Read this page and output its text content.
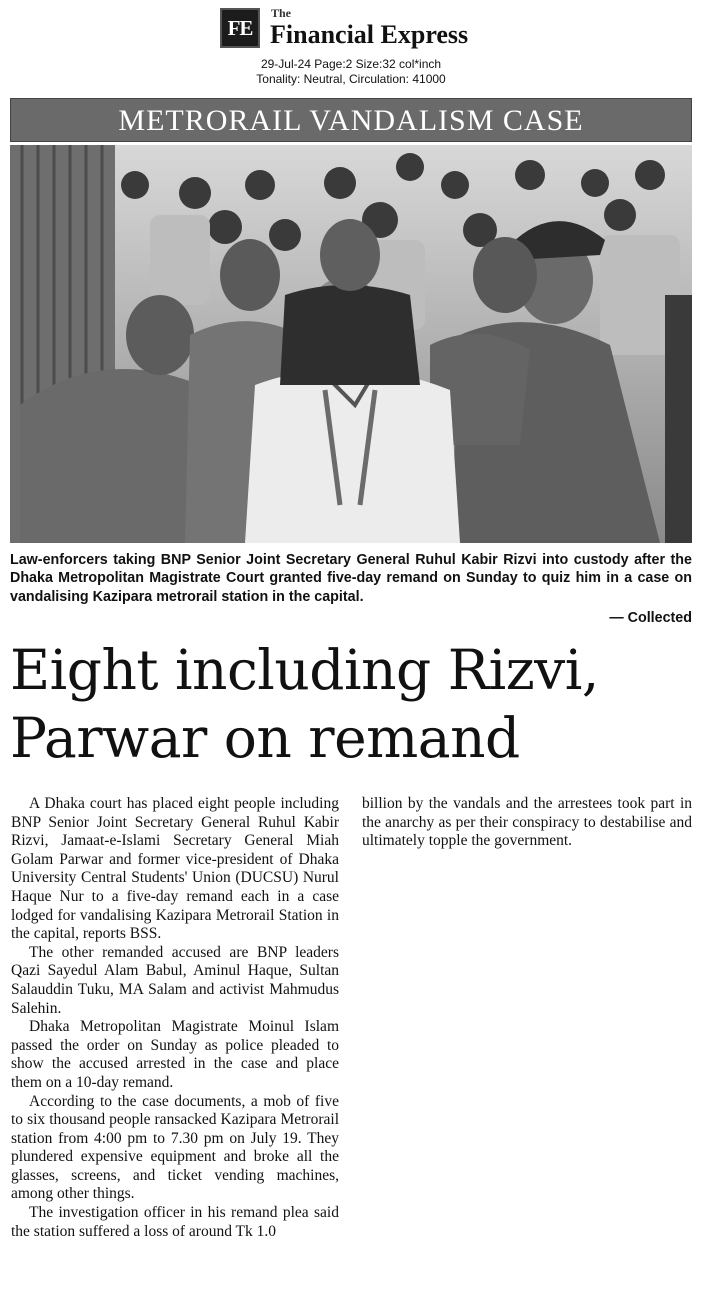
FE
The
Financial Express
29-Jul-24 Page:2 Size:32 col*inch
Tonality: Neutral, Circulation: 41000
METRORAIL VANDALISM CASE

Law-enforcers taking BNP Senior Joint Secretary General Ruhul Kabir Rizvi into custody after the Dhaka Metropolitan Magistrate Court granted five-day remand on Sunday to quiz him in a case on vandalising Kazipara metrorail station in the capital.

— Collected
Eight including Rizvi,
Parwar on remand

A Dhaka court has placed eight people including BNP Senior Joint Secretary General Ruhul Kabir Rizvi, Jamaat-e-Islami Secretary General Miah Golam Parwar and former vice-president of Dhaka University Central Students' Union (DUCSU) Nurul Haque Nur to a five-day remand each in a case lodged for vandalising Kazipara Metrorail Station in the capital, reports BSS.

The other remanded accused are BNP leaders Qazi Sayedul Alam Babul, Aminul Haque, Sultan Salauddin Tuku, MA Salam and activist Mahmudus Salehin.

Dhaka Metropolitan Magistrate Moinul Islam passed the order on Sunday as police pleaded to show the accused arrested in the case and place them on a 10-day remand.

According to the case documents, a mob of five to six thousand people ransacked Kazipara Metrorail station from 4:00 pm to 7.30 pm on July 19. They plundered expensive equipment and broke all the glasses, screens, and ticket vending machines, among other things.

The investigation officer in his remand plea said the station suffered a loss of around Tk 1.0

billion by the vandals and the arrestees took part in the anarchy as per their conspiracy to destabilise and ultimately topple the government.
